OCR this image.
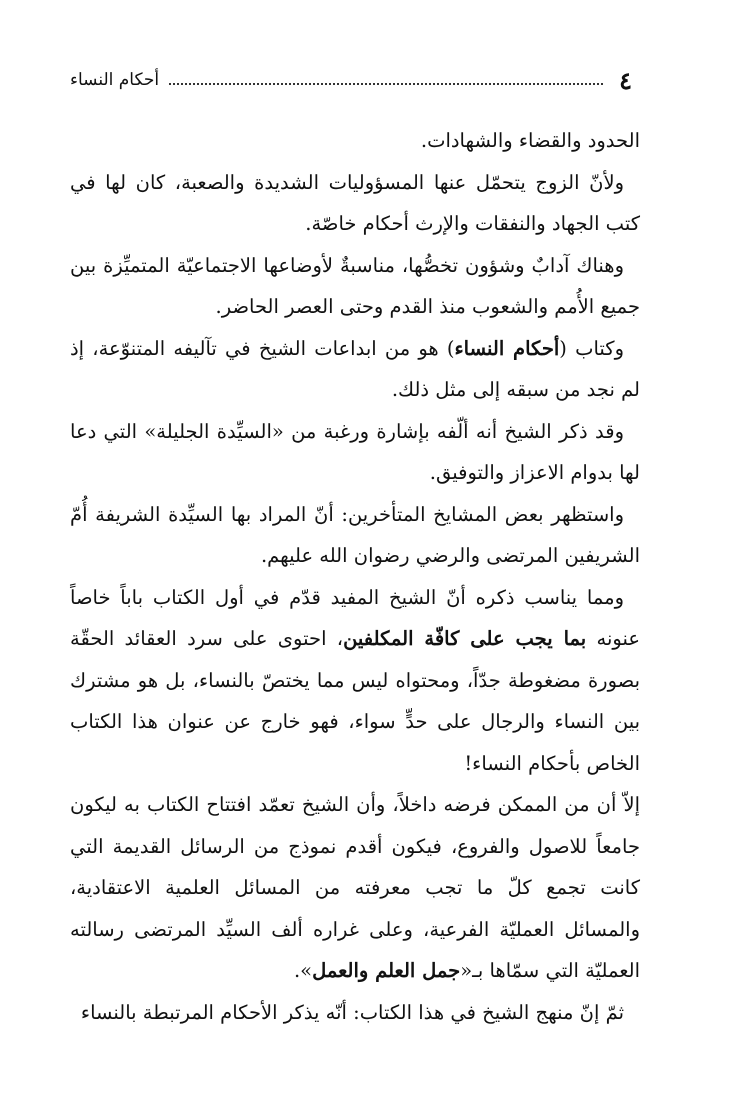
٤
أحكام النساء

الحدود والقضاء والشهادات.

ولأنّ الزوج يتحمّل عنها المسؤوليات الشديدة والصعبة، كان لها في كتب الجهاد والنفقات والإرث أحكام خاصّة.

وهناك آدابٌ وشؤون تخصُّها، مناسبةٌ لأوضاعها الاجتماعيّة المتميِّزة بين جميع الأُمم والشعوب منذ القدم وحتى العصر الحاضر.

وكتاب (أحكام النساء) هو من ابداعات الشيخ في تآليفه المتنوّعة، إذ لم نجد من سبقه إلى مثل ذلك.

وقد ذكر الشيخ أنه ألّفه بإشارة ورغبة من «السيِّدة الجليلة» التي دعا لها بدوام الاعزاز والتوفيق.

واستظهر بعض المشايخ المتأخرين: أنّ المراد بها السيِّدة الشريفة أُمّ الشريفين المرتضى والرضي رضوان الله عليهم.

ومما يناسب ذكره أنّ الشيخ المفيد قدّم في أول الكتاب باباً خاصاً عنونه بما يجب على كافّة المكلفين، احتوى على سرد العقائد الحقّة بصورة مضغوطة جدّاً، ومحتواه ليس مما يختصّ بالنساء، بل هو مشترك بين النساء والرجال على حدٍّ سواء، فهو خارج عن عنوان هذا الكتاب الخاص بأحكام النساء!

إلاّ أن من الممكن فرضه داخلاً، وأن الشيخ تعمّد افتتاح الكتاب به ليكون جامعاً للاصول والفروع، فيكون أقدم نموذج من الرسائل القديمة التي كانت تجمع كلّ ما تجب معرفته من المسائل العلمية الاعتقادية، والمسائل العمليّة الفرعية، وعلى غراره ألف السيِّد المرتضى رسالته العمليّة التي سمّاها بـ«جمل العلم والعمل».

ثمّ إنّ منهج الشيخ في هذا الكتاب: أنّه يذكر الأحكام المرتبطة بالنساء
